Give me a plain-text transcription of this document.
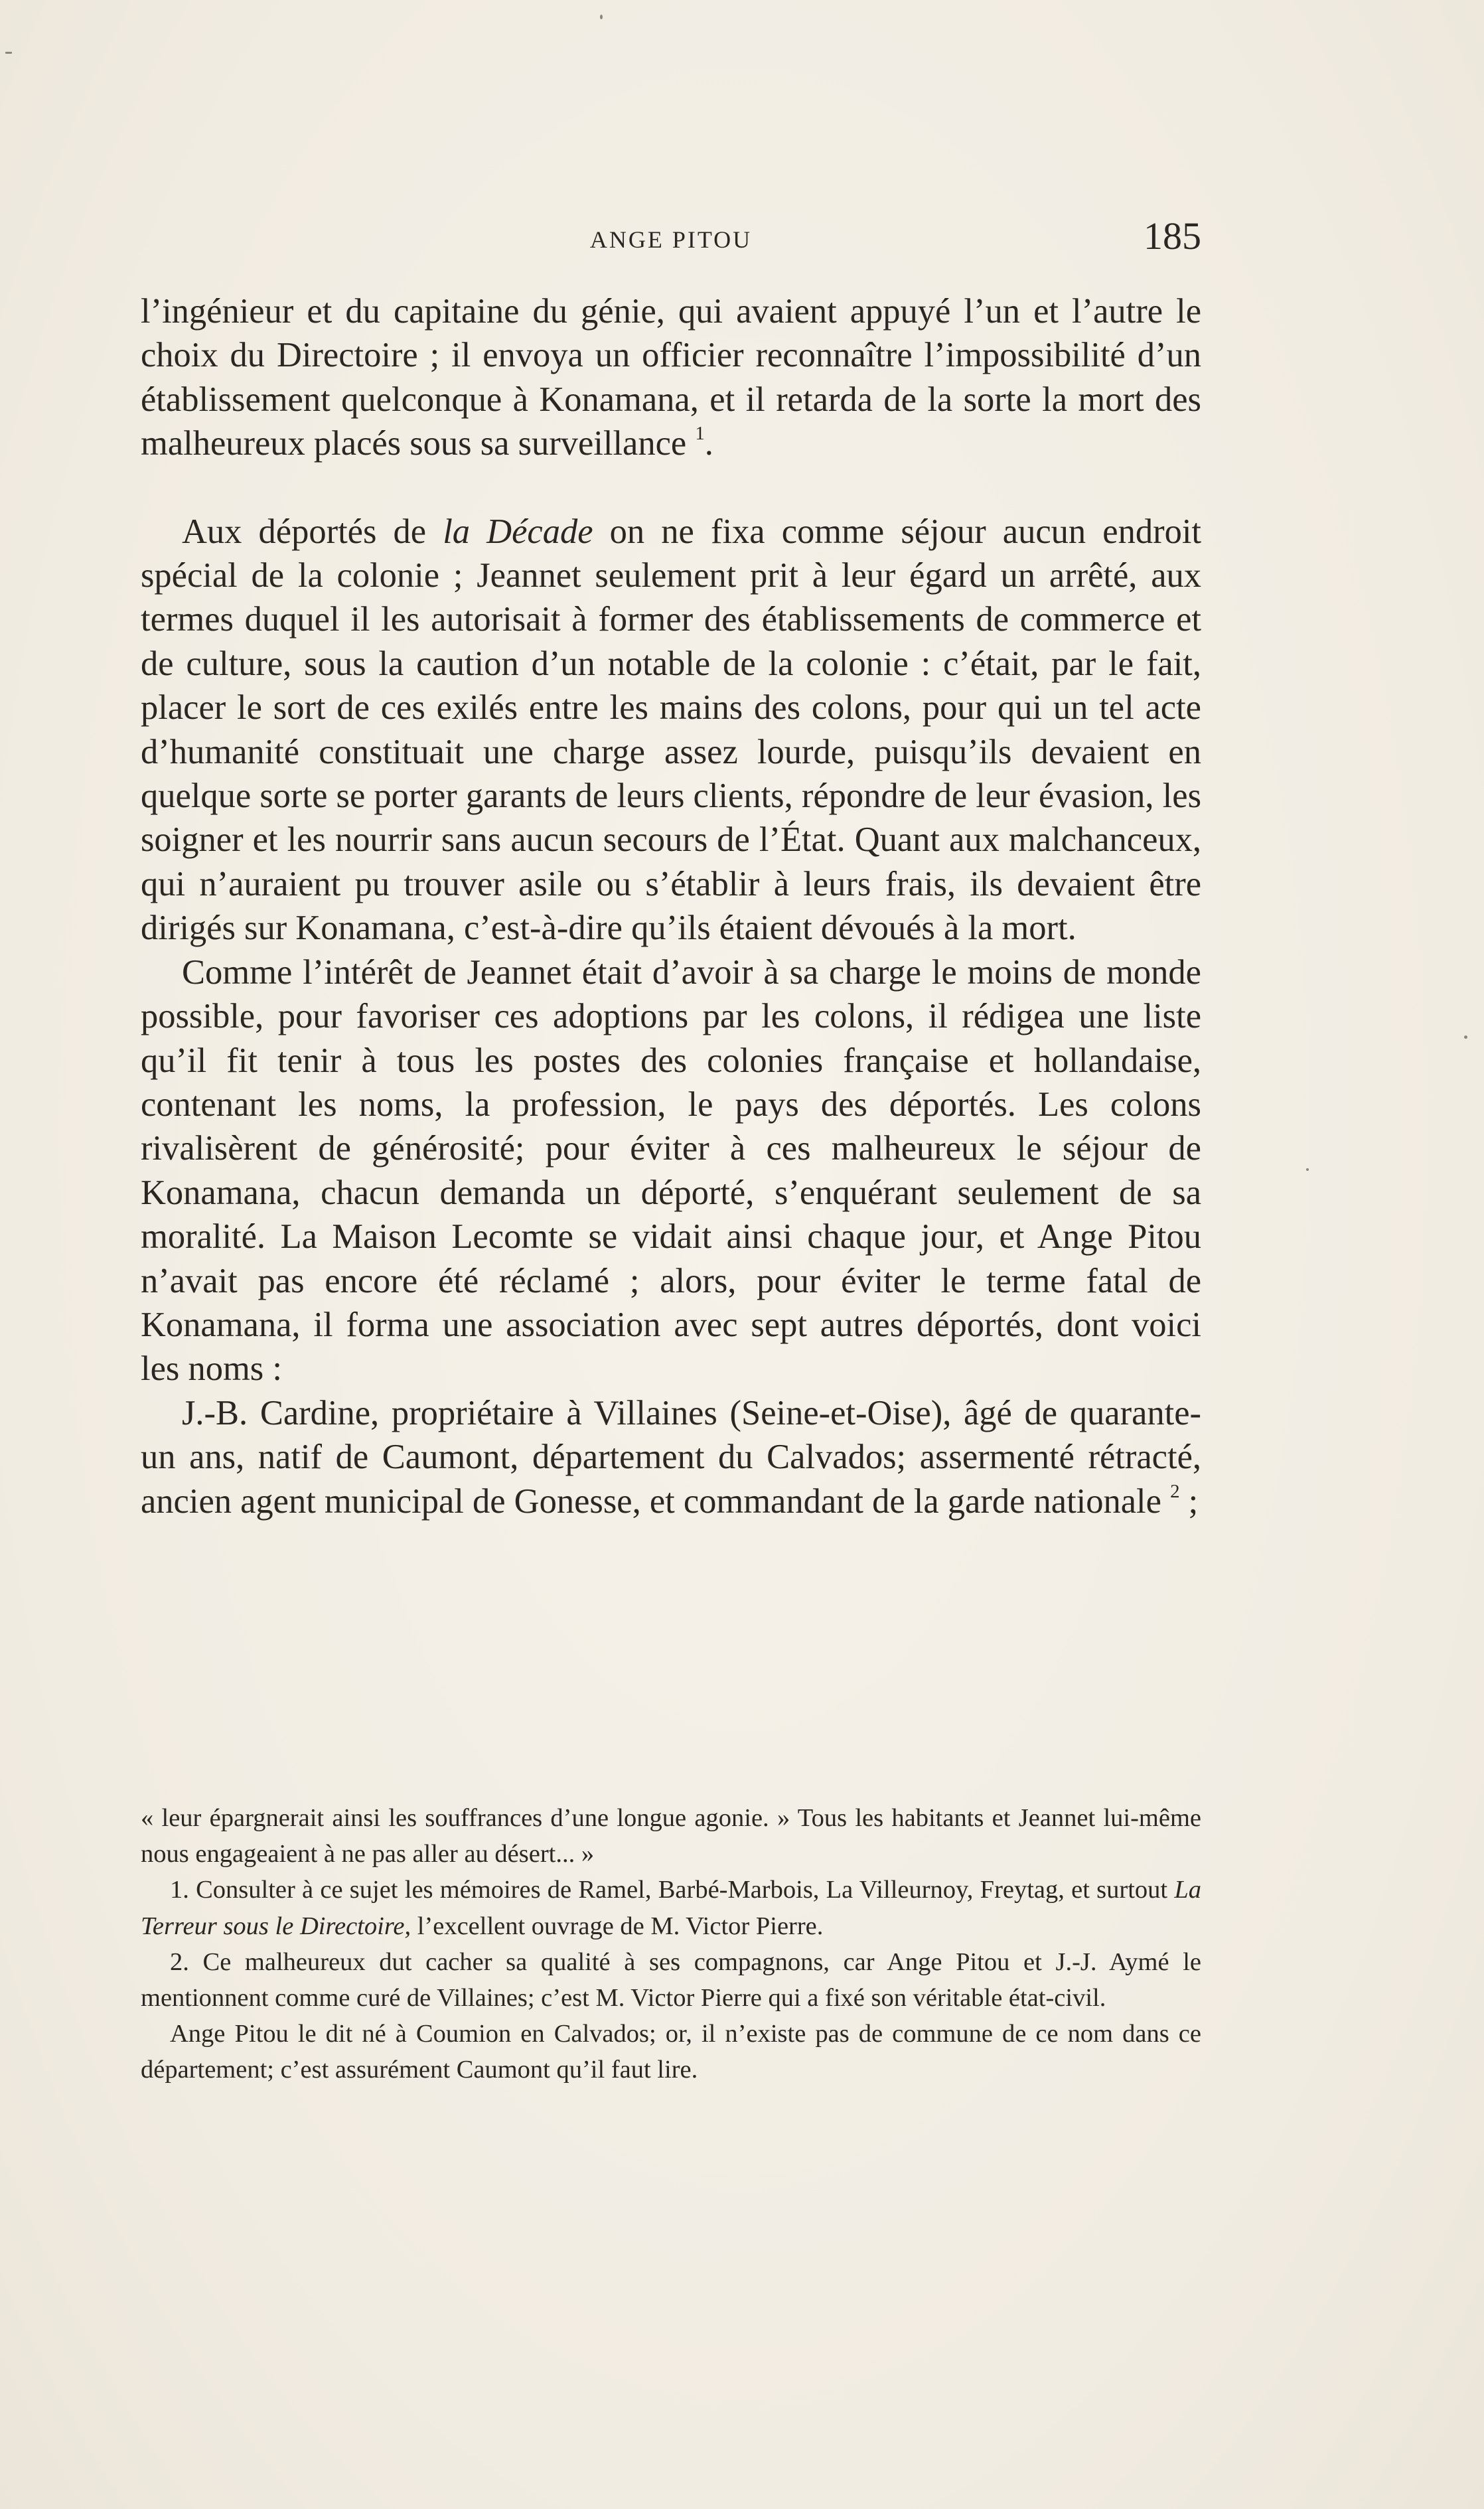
ANGE PITOU	185

l’ingénieur et du capitaine du génie, qui avaient appuyé l’un et l’autre le choix du Directoire ; il envoya un officier reconnaître l’impossibilité d’un établissement quelconque à Konamana, et il retarda de la sorte la mort des malheureux placés sous sa surveillance $^1$.

Aux déportés de la Décade on ne fixa comme séjour aucun endroit spécial de la colonie ; Jeannet seulement prit à leur égard un arrêté, aux termes duquel il les autorisait à former des établissements de commerce et de culture, sous la caution d’un notable de la colonie : c’était, par le fait, placer le sort de ces exilés entre les mains des colons, pour qui un tel acte d’humanité constituait une charge assez lourde, puisqu’ils devaient en quelque sorte se porter garants de leurs clients, répondre de leur évasion, les soigner et les nourrir sans aucun secours de l’État. Quant aux malchanceux, qui n’auraient pu trouver asile ou s’établir à leurs frais, ils devaient être dirigés sur Konamana, c’est-à-dire qu’ils étaient dévoués à la mort.

Comme l’intérêt de Jeannet était d’avoir à sa charge le moins de monde possible, pour favoriser ces adoptions par les colons, il rédigea une liste qu’il fit tenir à tous les postes des colonies française et hollandaise, contenant les noms, la profession, le pays des déportés. Les colons rivalisèrent de générosité; pour éviter à ces malheureux le séjour de Konamana, chacun demanda un déporté, s’enquérant seulement de sa moralité. La Maison Lecomte se vidait ainsi chaque jour, et Ange Pitou n’avait pas encore été réclamé ; alors, pour éviter le terme fatal de Konamana, il forma une association avec sept autres déportés, dont voici les noms :

J.-B. Cardine, propriétaire à Villaines (Seine-et-Oise), âgé de quarante-un ans, natif de Caumont, département du Calvados; assermenté rétracté, ancien agent municipal de Gonesse, et commandant de la garde nationale $^2$ ;

« leur épargnerait ainsi les souffrances d’une longue agonie. » Tous les habitants et Jeannet lui-même nous engageaient à ne pas aller au désert... »

1. Consulter à ce sujet les mémoires de Ramel, Barbé-Marbois, La Villeurnoy, Freytag, et surtout La Terreur sous le Directoire, l’excellent ouvrage de M. Victor Pierre.

2. Ce malheureux dut cacher sa qualité à ses compagnons, car Ange Pitou et J.-J. Aymé le mentionnent comme curé de Villaines; c’est M. Victor Pierre qui a fixé son véritable état-civil.

Ange Pitou le dit né à Coumion en Calvados; or, il n’existe pas de commune de ce nom dans ce département; c’est assurément Caumont qu’il faut lire.
